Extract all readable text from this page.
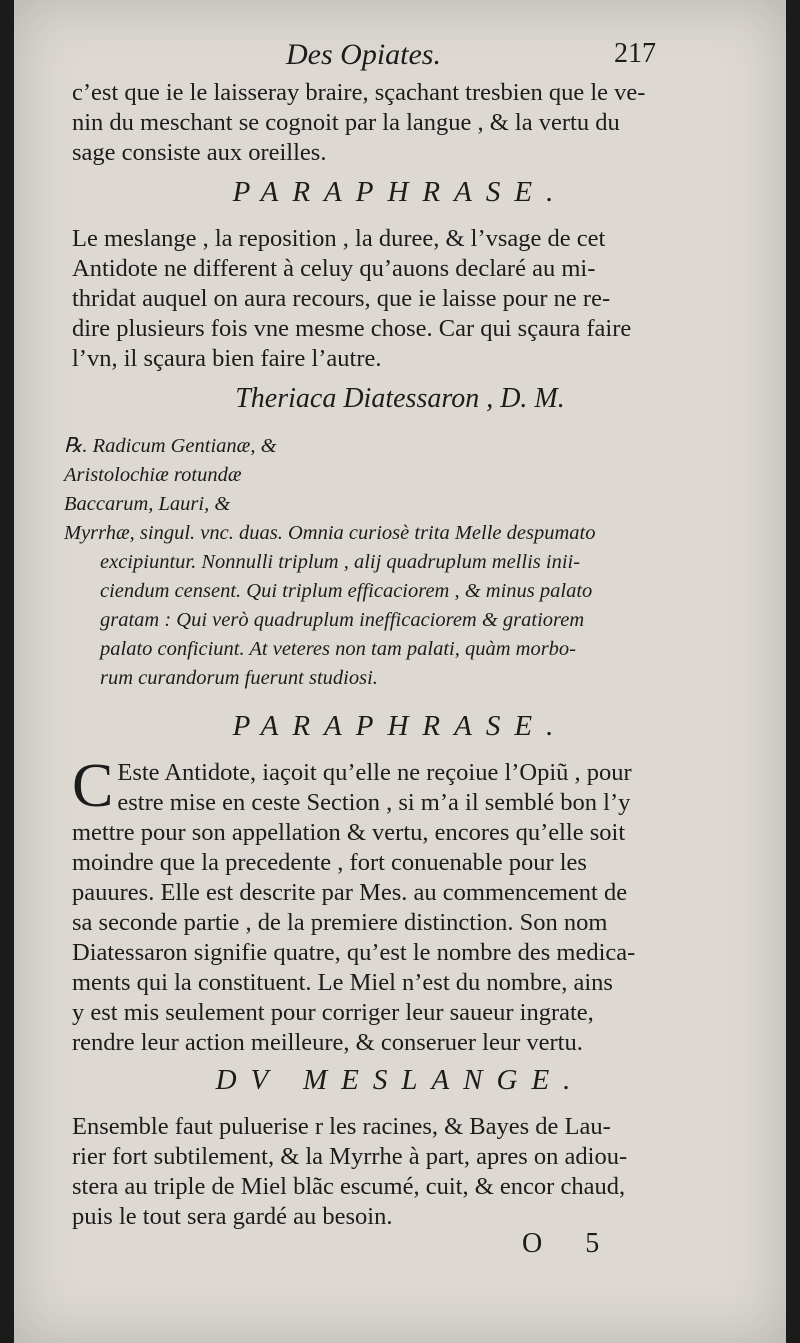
Des Opiates.	217

c’est que ie le laisseray braire, sçachant tresbien que le ve-

nin du meschant se cognoit par la langue , & la vertu du

sage consiste aux oreilles.

PARAPHRASE.

Le meslange , la reposition , la duree, & l’vsage de cet

Antidote ne different à celuy qu’auons declaré au mi-

thridat auquel on aura recours, que ie laisse pour ne re-

dire plusieurs fois vne mesme chose. Car qui sçaura faire

l’vn, il sçaura bien faire l’autre.

Theriaca Diatessaron , D. M.
℞. Radicum Gentianæ, &
Aristolochiæ rotundæ
Baccarum, Lauri, &
Myrrhæ, singul. vnc. duas. Omnia curiosè trita Melle despumato
excipiuntur. Nonnulli triplum , alij quadruplum mellis inii-
ciendum censent. Qui triplum efficaciorem , & minus palato
gratam : Qui verò quadruplum inefficaciorem & gratiorem
palato conficiunt. At veteres non tam palati, quàm morbo-
rum curandorum fuerunt studiosi.
PARAPHRASE.
C Este Antidote, iaçoit qu’elle ne reçoiue l’Opiũ , pour

estre mise en ceste Section , si m’a il semblé bon l’y

mettre pour son appellation & vertu, encores qu’elle soit

moindre que la precedente , fort conuenable pour les

pauures. Elle est descrite par Mes. au commencement de

sa seconde partie , de la premiere distinction. Son nom

Diatessaron signifie quatre, qu’est le nombre des medica-

ments qui la constituent. Le Miel n’est du nombre, ains

y est mis seulement pour corriger leur saueur ingrate,

rendre leur action meilleure, & conseruer leur vertu.

DV MESLANGE.

Ensemble faut puluerise r les racines, & Bayes de Lau-

rier fort subtilement, & la Myrrhe à part, apres on adiou-

stera au triple de Miel blãc escumé, cuit, & encor chaud,

puis le tout sera gardé au besoin.

O 5
